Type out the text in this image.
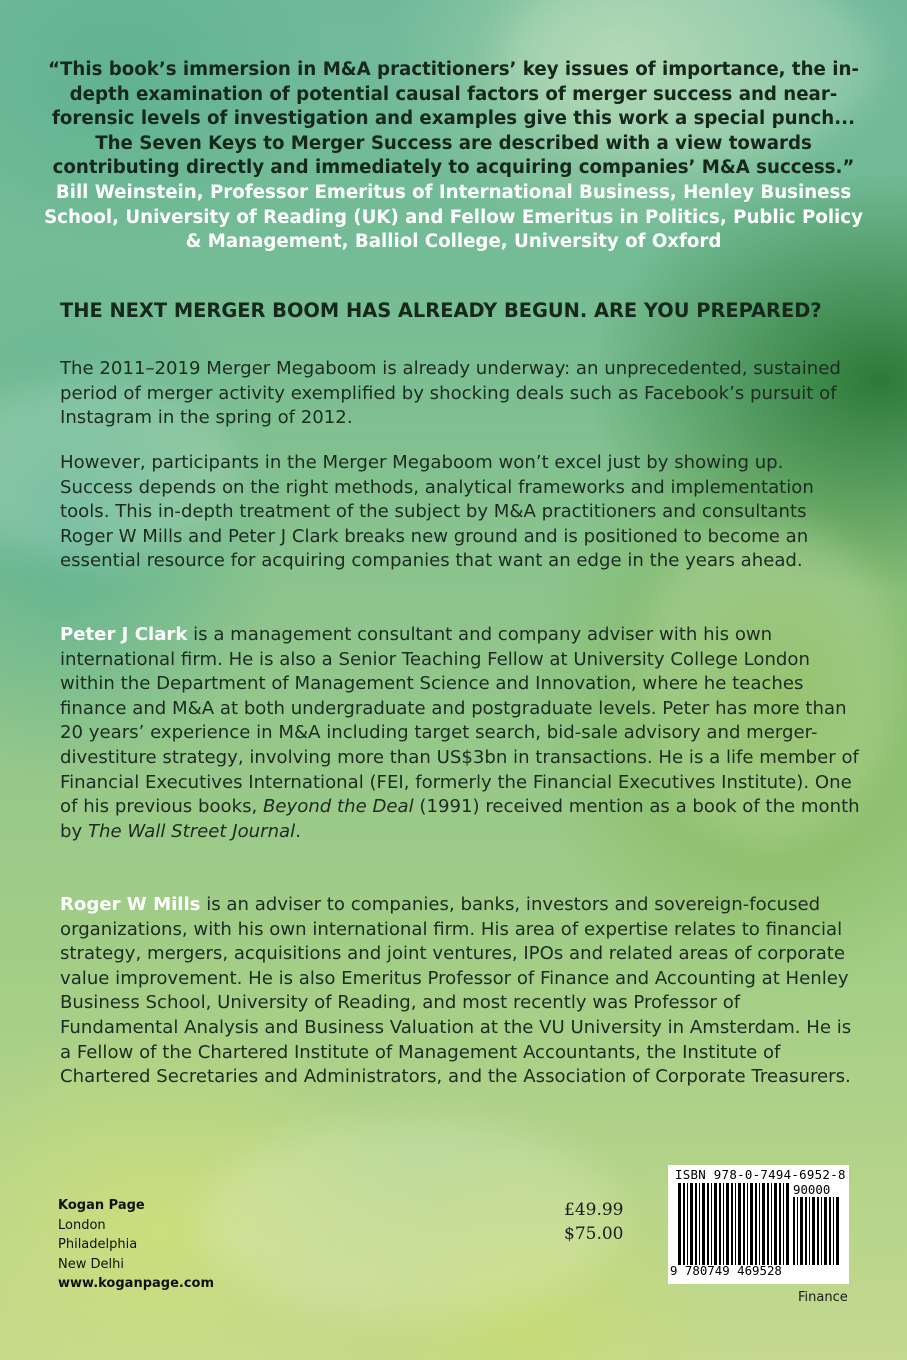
“This book’s immersion in M&A practitioners’ key issues of importance, the in-depth examination of potential causal factors of merger success and near-forensic levels of investigation and examples give this work a special punch... The Seven Keys to Merger Success are described with a view towards contributing directly and immediately to acquiring companies’ M&A success.”

Bill Weinstein, Professor Emeritus of International Business, Henley Business School, University of Reading (UK) and Fellow Emeritus in Politics, Public Policy & Management, Balliol College, University of Oxford

THE NEXT MERGER BOOM HAS ALREADY BEGUN. ARE YOU PREPARED?

The 2011–2019 Merger Megaboom is already underway: an unprecedented, sustained period of merger activity exemplified by shocking deals such as Facebook’s pursuit of Instagram in the spring of 2012.

However, participants in the Merger Megaboom won’t excel just by showing up. Success depends on the right methods, analytical frameworks and implementation tools. This in-depth treatment of the subject by M&A practitioners and consultants Roger W Mills and Peter J Clark breaks new ground and is positioned to become an essential resource for acquiring companies that want an edge in the years ahead.

Peter J Clark is a management consultant and company adviser with his own international firm. He is also a Senior Teaching Fellow at University College London within the Department of Management Science and Innovation, where he teaches finance and M&A at both undergraduate and postgraduate levels. Peter has more than 20 years’ experience in M&A including target search, bid-sale advisory and merger-divestiture strategy, involving more than US$3bn in transactions. He is a life member of Financial Executives International (FEI, formerly the Financial Executives Institute). One of his previous books, Beyond the Deal (1991) received mention as a book of the month by The Wall Street Journal.

Roger W Mills is an adviser to companies, banks, investors and sovereign-focused organizations, with his own international firm. His area of expertise relates to financial strategy, mergers, acquisitions and joint ventures, IPOs and related areas of corporate value improvement. He is also Emeritus Professor of Finance and Accounting at Henley Business School, University of Reading, and most recently was Professor of Fundamental Analysis and Business Valuation at the VU University in Amsterdam. He is a Fellow of the Chartered Institute of Management Accountants, the Institute of Chartered Secretaries and Administrators, and the Association of Corporate Treasurers.

Kogan Page
London
Philadelphia
New Delhi
www.koganpage.com
£49.99
$75.00
ISBN 978-0-7494-6952-8
90000
9 780749 469528
Finance
